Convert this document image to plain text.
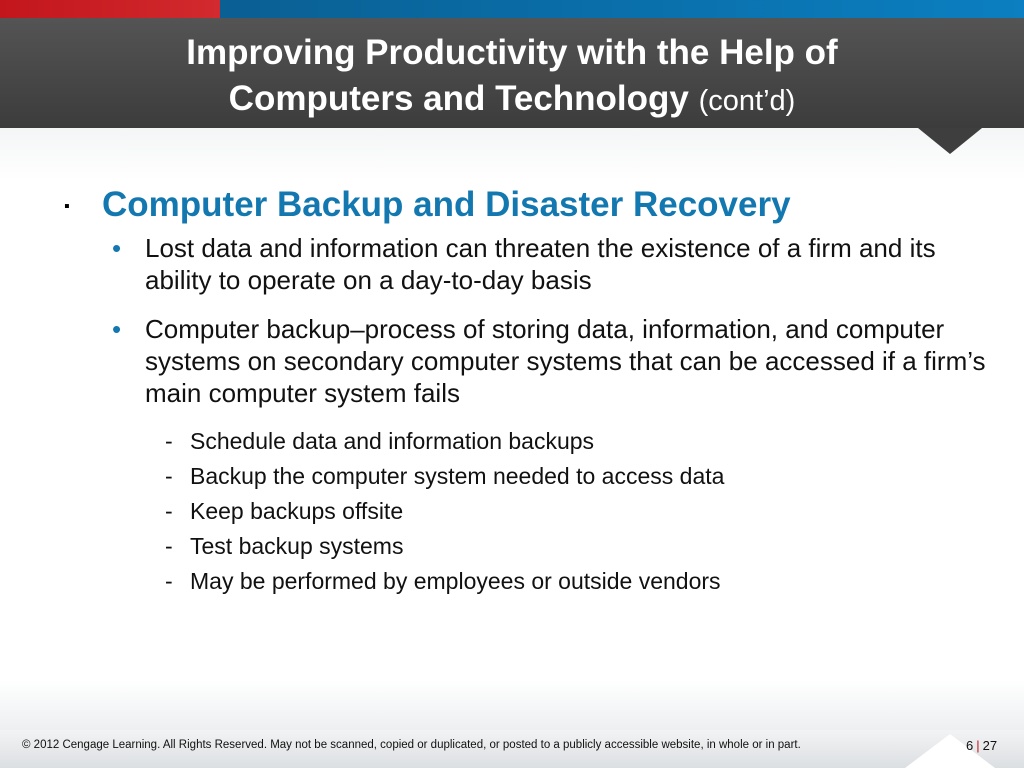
Improving Productivity with the Help of
Computers and Technology (cont’d)
▪ Computer Backup and Disaster Recovery
• Lost data and information can threaten the existence of a firm and its ability to operate on a day-to-day basis
• Computer backup–process of storing data, information, and computer systems on secondary computer systems that can be accessed if a firm’s main computer system fails
- Schedule data and information backups
- Backup the computer system needed to access data
- Keep backups offsite
- Test backup systems
- May be performed by employees or outside vendors
© 2012 Cengage Learning. All Rights Reserved. May not be scanned, copied or duplicated, or posted to a publicly accessible website, in whole or in part.	6 | 27
